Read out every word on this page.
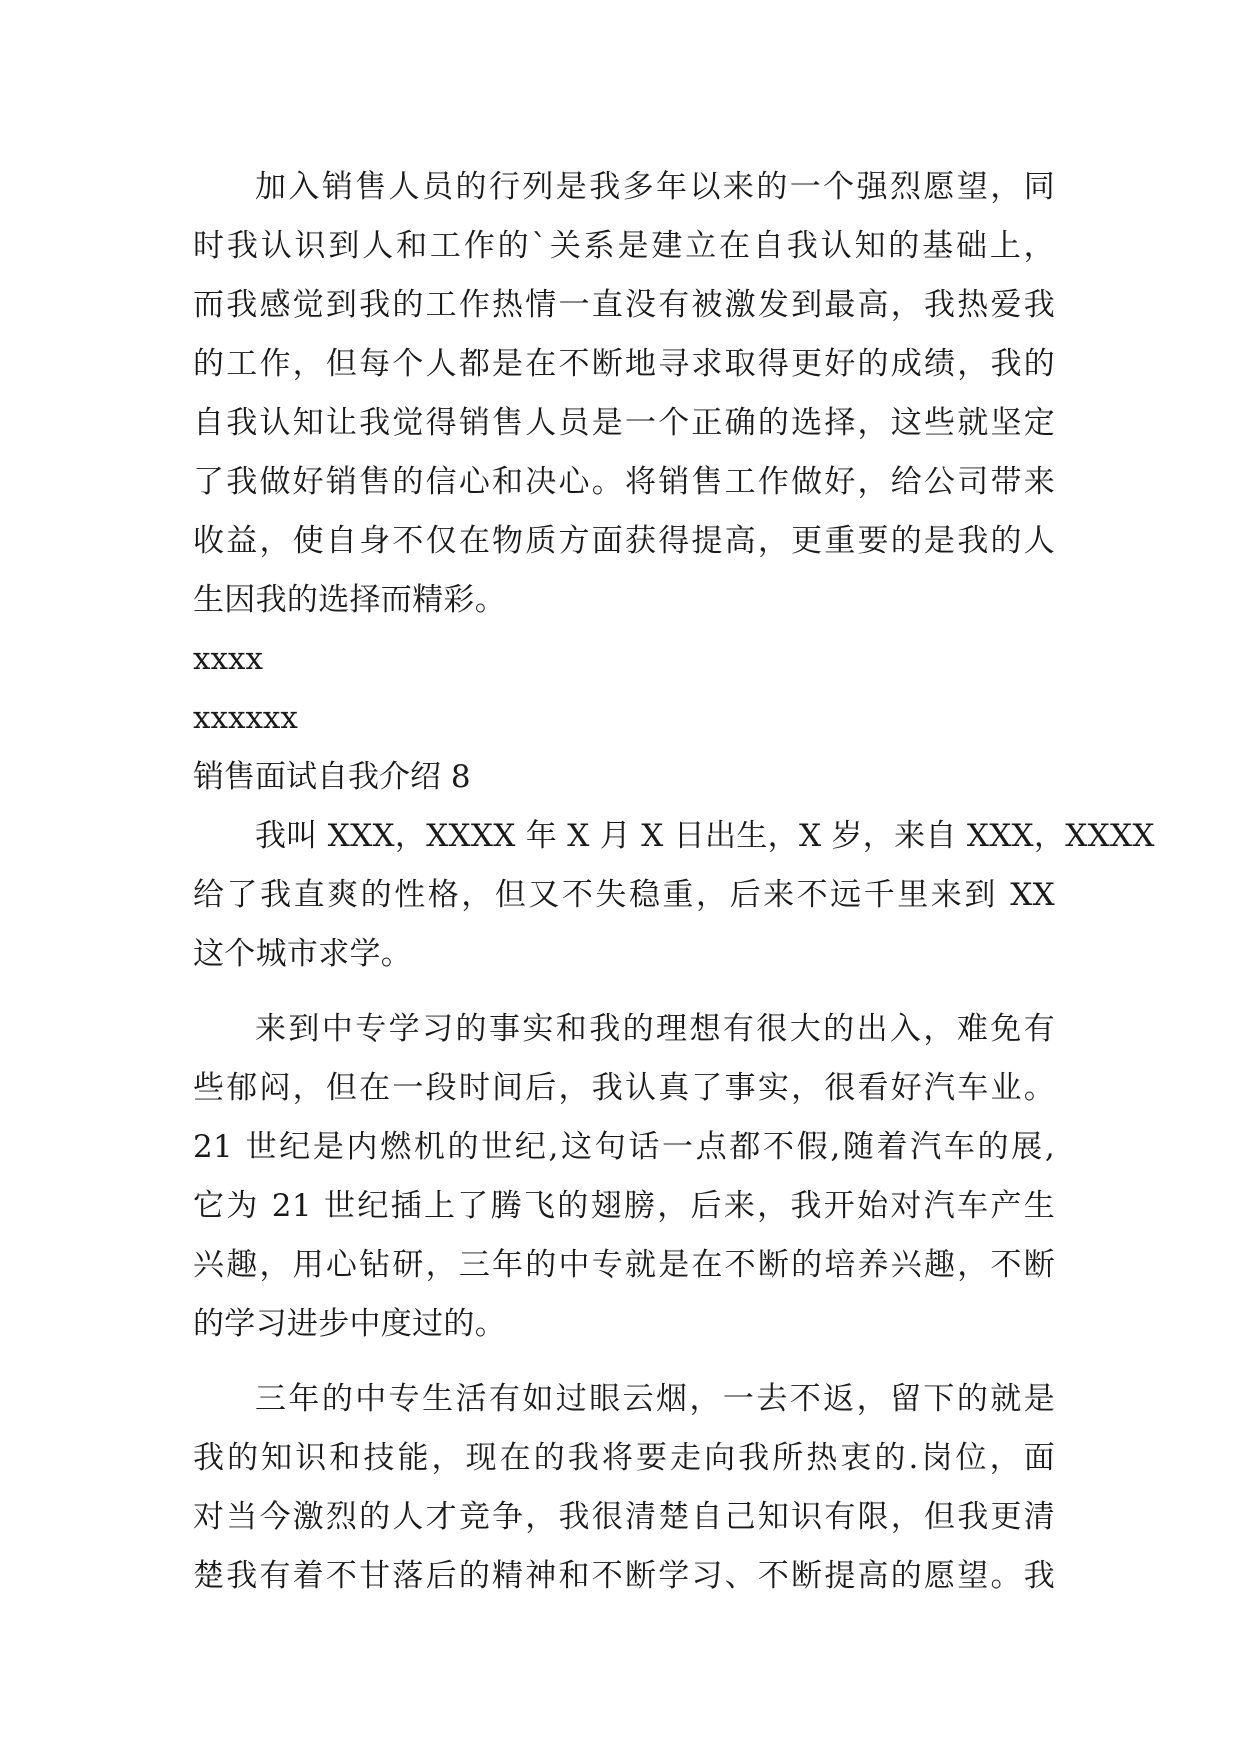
加入销售人员的行列是我多年以来的一个强烈愿望，同
时我认识到人和工作的`关系是建立在自我认知的基础上，
而我感觉到我的工作热情一直没有被激发到最高，我热爱我
的工作，但每个人都是在不断地寻求取得更好的成绩，我的
自我认知让我觉得销售人员是一个正确的选择，这些就坚定
了我做好销售的信心和决心。将销售工作做好，给公司带来
收益，使自身不仅在物质方面获得提高，更重要的是我的人
生因我的选择而精彩。
xxxx
xxxxxx
销售面试自我介绍 8
我叫 XXX，XXXX 年 X 月 X 日出生，X 岁，来自 XXX，XXXX
给了我直爽的性格，但又不失稳重，后来不远千里来到 XX
这个城市求学。
来到中专学习的事实和我的理想有很大的出入，难免有
些郁闷，但在一段时间后，我认真了事实，很看好汽车业。
21 世纪是内燃机的世纪,这句话一点都不假,随着汽车的展,
它为 21 世纪插上了腾飞的翅膀，后来，我开始对汽车产生
兴趣，用心钻研，三年的中专就是在不断的培养兴趣，不断
的学习进步中度过的。
三年的中专生活有如过眼云烟，一去不返，留下的就是
我的知识和技能，现在的我将要走向我所热衷的.岗位，面
对当今激烈的人才竞争，我很清楚自己知识有限，但我更清
楚我有着不甘落后的精神和不断学习、不断提高的愿望。我
